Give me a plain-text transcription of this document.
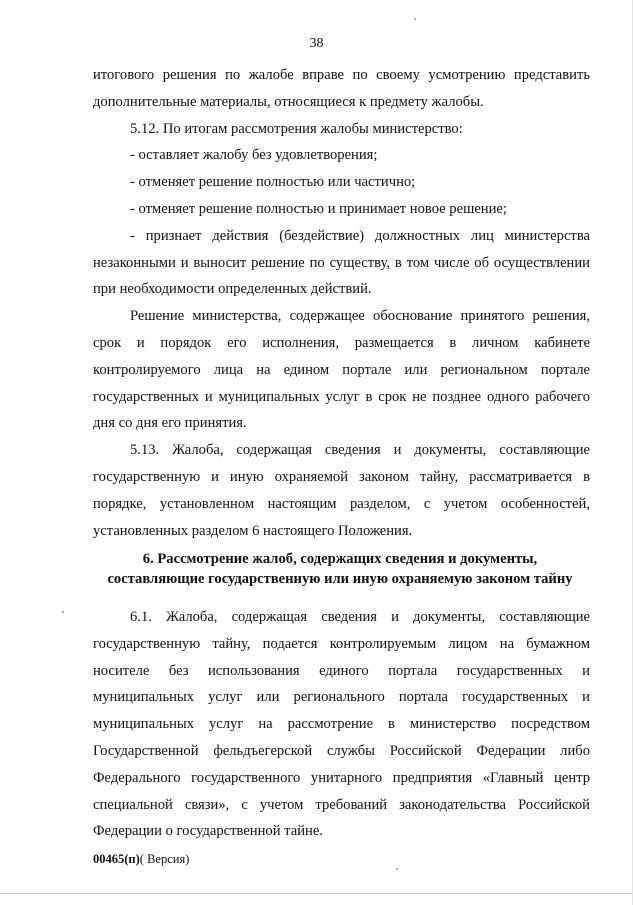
38

итогового решения по жалобе вправе по своему усмотрению представить дополнительные материалы, относящиеся к предмету жалобы.

5.12. По итогам рассмотрения жалобы министерство:

- оставляет жалобу без удовлетворения;

- отменяет решение полностью или частично;

- отменяет решение полностью и принимает новое решение;

- признает действия (бездействие) должностных лиц министерства незаконными и выносит решение по существу, в том числе об осуществлении при необходимости определенных действий.

Решение министерства, содержащее обоснование принятого решения, срок и порядок его исполнения, размещается в личном кабинете контролируемого лица на едином портале или региональном портале государственных и муниципальных услуг в срок не позднее одного рабочего дня со дня его принятия.

5.13. Жалоба, содержащая сведения и документы, составляющие государственную и иную охраняемой законом тайну, рассматривается в порядке, установленном настоящим разделом, с учетом особенностей, установленных разделом 6 настоящего Положения.

6. Рассмотрение жалоб, содержащих сведения и документы,
составляющие государственную или иную охраняемую законом тайну

6.1. Жалоба, содержащая сведения и документы, составляющие государственную тайну, подается контролируемым лицом на бумажном носителе без использования единого портала государственных и муниципальных услуг или регионального портала государственных и муниципальных услуг на рассмотрение в министерство посредством Государственной фельдъегерской службы Российской Федерации либо Федерального государственного унитарного предприятия «Главный центр специальной связи», с учетом требований законодательства Российской Федерации о государственной тайне.

00465(п)( Версия)
